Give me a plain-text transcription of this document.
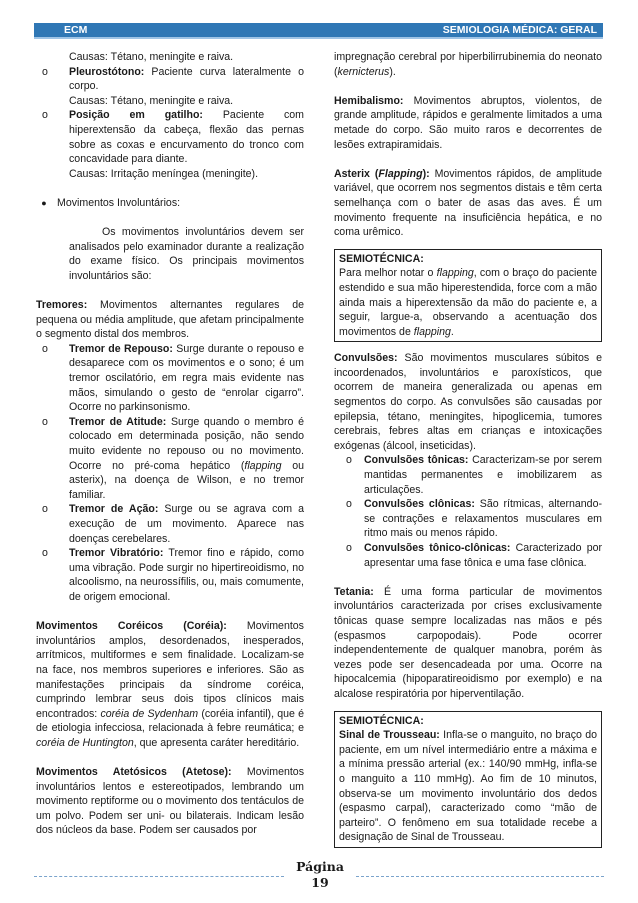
ECM	SEMIOLOGIA MÉDICA: GERAL

Causas: Tétano, meningite e raiva.

o	Pleurostótono: Paciente curva lateralmente o corpo.

Causas: Tétano, meningite e raiva.

o	Posição em gatilho: Paciente com hiperextensão da cabeça, flexão das pernas sobre as coxas e encurvamento do tronco com concavidade para diante.

Causas: Irritação meníngea (meningite).

● Movimentos Involuntários:

Os movimentos involuntários devem ser analisados pelo examinador durante a realização do exame físico. Os principais movimentos involuntários são:

Tremores: Movimentos alternantes regulares de pequena ou média amplitude, que afetam principalmente o segmento distal dos membros.

o	Tremor de Repouso: Surge durante o repouso e desaparece com os movimentos e o sono; é um tremor oscilatório, em regra mais evidente nas mãos, simulando o gesto de “enrolar cigarro”. Ocorre no parkinsonismo.
o	Tremor de Atitude: Surge quando o membro é colocado em determinada posição, não sendo muito evidente no repouso ou no movimento. Ocorre no pré-coma hepático (flapping ou asterix), na doença de Wilson, e no tremor familiar.
o	Tremor de Ação: Surge ou se agrava com a execução de um movimento. Aparece nas doenças cerebelares.
o	Tremor Vibratório: Tremor fino e rápido, como uma vibração. Pode surgir no hipertireoidismo, no alcoolismo, na neurossífilis, ou, mais comumente, de origem emocional.

Movimentos Coréicos (Coréia): Movimentos involuntários amplos, desordenados, inesperados, arrítmicos, multiformes e sem finalidade. Localizam-se na face, nos membros superiores e inferiores. São as manifestações principais da síndrome coréica, cumprindo lembrar seus dois tipos clínicos mais encontrados: coréia de Sydenham (coréia infantil), que é de etiologia infecciosa, relacionada à febre reumática; e coréia de Huntington, que apresenta caráter hereditário.

Movimentos Atetósicos (Atetose): Movimentos involuntários lentos e estereotipados, lembrando um movimento reptiforme ou o movimento dos tentáculos de um polvo. Podem ser uni- ou bilaterais. Indicam lesão dos núcleos da base. Podem ser causados por

impregnação cerebral por hiperbilirrubinemia do neonato (kernicterus).

Hemibalismo: Movimentos abruptos, violentos, de grande amplitude, rápidos e geralmente limitados a uma metade do corpo. São muito raros e decorrentes de lesões extrapiramidais.

Asterix (Flapping): Movimentos rápidos, de amplitude variável, que ocorrem nos segmentos distais e têm certa semelhança com o bater de asas das aves. É um movimento frequente na insuficiência hepática, e no coma urêmico.

SEMIOTÉCNICA:

Para melhor notar o flapping, com o braço do paciente estendido e sua mão hiperestendida, force com a mão ainda mais a hiperextensão da mão do paciente e, a seguir, largue-a, observando a acentuação dos movimentos de flapping.

Convulsões: São movimentos musculares súbitos e incoordenados, involuntários e paroxísticos, que ocorrem de maneira generalizada ou apenas em segmentos do corpo. As convulsões são causadas por epilepsia, tétano, meningites, hipoglicemia, tumores cerebrais, febres altas em crianças e intoxicações exógenas (álcool, inseticidas).

o	Convulsões tônicas: Caracterizam-se por serem mantidas permanentes e imobilizarem as articulações.
o	Convulsões clônicas: São rítmicas, alternando-se contrações e relaxamentos musculares em ritmo mais ou menos rápido.
o	Convulsões tônico-clônicas: Caracterizado por apresentar uma fase tônica e uma fase clônica.

Tetania: É uma forma particular de movimentos involuntários caracterizada por crises exclusivamente tônicas quase sempre localizadas nas mãos e pés (espasmos carpopodais). Pode ocorrer independentemente de qualquer manobra, porém às vezes pode ser desencadeada por uma. Ocorre na hipocalcemia (hipoparatireoidismo por exemplo) e na alcalose respiratória por hiperventilação.

SEMIOTÉCNICA:

Sinal de Trousseau: Infla-se o manguito, no braço do paciente, em um nível intermediário entre a máxima e a mínima pressão arterial (ex.: 140/90 mmHg, infla-se o manguito a 110 mmHg). Ao fim de 10 minutos, observa-se um movimento involuntário dos dedos (espasmo carpal), caracterizado como “mão de parteiro”. O fenômeno em sua totalidade recebe a designação de Sinal de Trousseau.

Página
19
